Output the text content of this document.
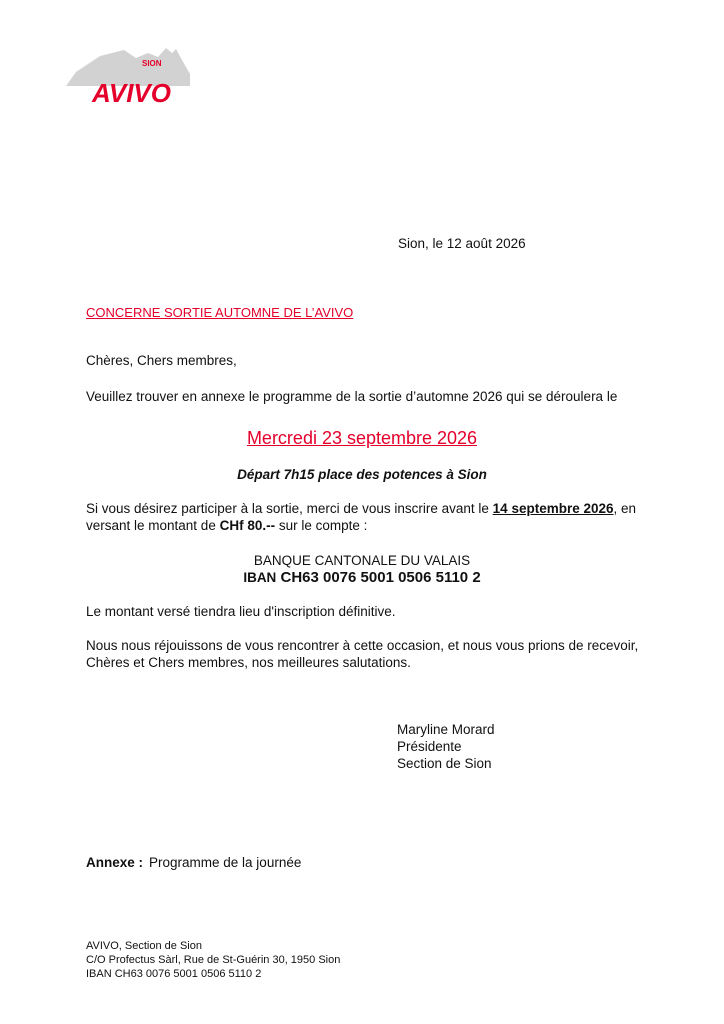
SION
AVIVO
Sion, le 12 août 2026
CONCERNE SORTIE AUTOMNE DE L’AVIVO
Chères, Chers membres,
Veuillez trouver en annexe le programme de la sortie d’automne 2026 qui se déroulera le
Mercredi 23 septembre 2026
Départ 7h15 place des potences à Sion
Si vous désirez participer à la sortie, merci de vous inscrire avant le 14 septembre 2026, en versant le montant de CHf 80.-- sur le compte :
BANQUE CANTONALE DU VALAIS
IBAN CH63 0076 5001 0506 5110 2
Le montant versé tiendra lieu d'inscription définitive.
Nous nous réjouissons de vous rencontrer à cette occasion, et nous vous prions de recevoir, Chères et Chers membres, nos meilleures salutations.
Maryline Morard
Présidente
Section de Sion
Annexe : Programme de la journée
AVIVO, Section de Sion
C/O Profectus Sàrl, Rue de St-Guérin 30, 1950 Sion
IBAN CH63 0076 5001 0506 5110 2
